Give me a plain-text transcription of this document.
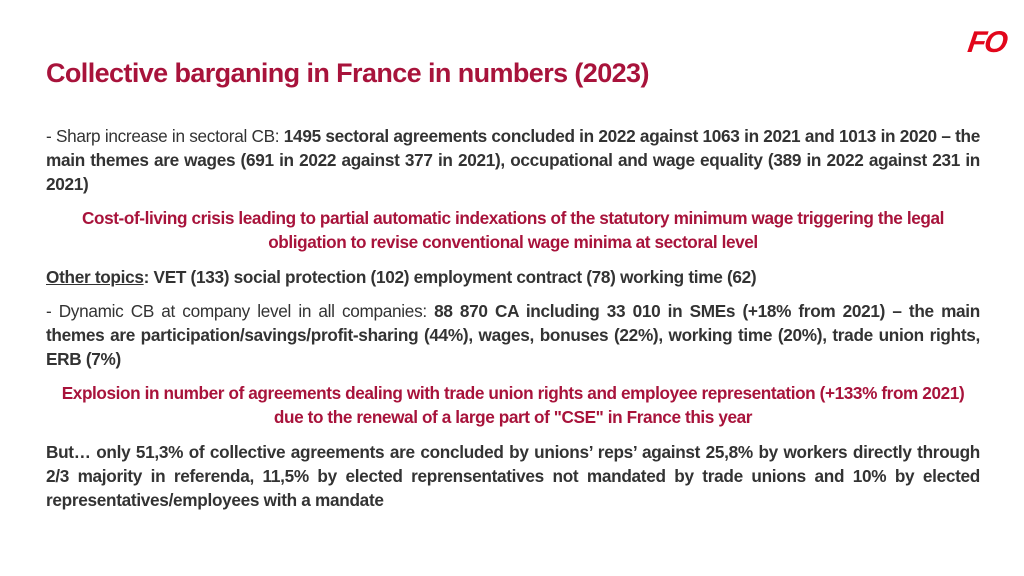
FO
Collective barganing in France in numbers (2023)

- Sharp increase in sectoral CB: 1495 sectoral agreements concluded in 2022 against 1063 in 2021 and 1013 in 2020 – the main themes are wages (691 in 2022 against 377 in 2021), occupational and wage equality (389 in 2022 against 231 in 2021)

Cost-of-living crisis leading to partial automatic indexations of the statutory minimum wage triggering the legal obligation to revise conventional wage minima at sectoral level

Other topics: VET (133) social protection (102) employment contract (78) working time (62)

- Dynamic CB at company level in all companies: 88 870 CA including 33 010 in SMEs (+18% from 2021) – the main themes are participation/savings/profit-sharing (44%), wages, bonuses (22%), working time (20%), trade union rights, ERB (7%)

Explosion in number of agreements dealing with trade union rights and employee representation (+133% from 2021) due to the renewal of a large part of "CSE" in France this year

But… only 51,3% of collective agreements are concluded by unions’ reps’ against 25,8% by workers directly through 2/3 majority in referenda, 11,5% by elected reprensentatives not mandated by trade unions and 10% by elected representatives/employees with a mandate
